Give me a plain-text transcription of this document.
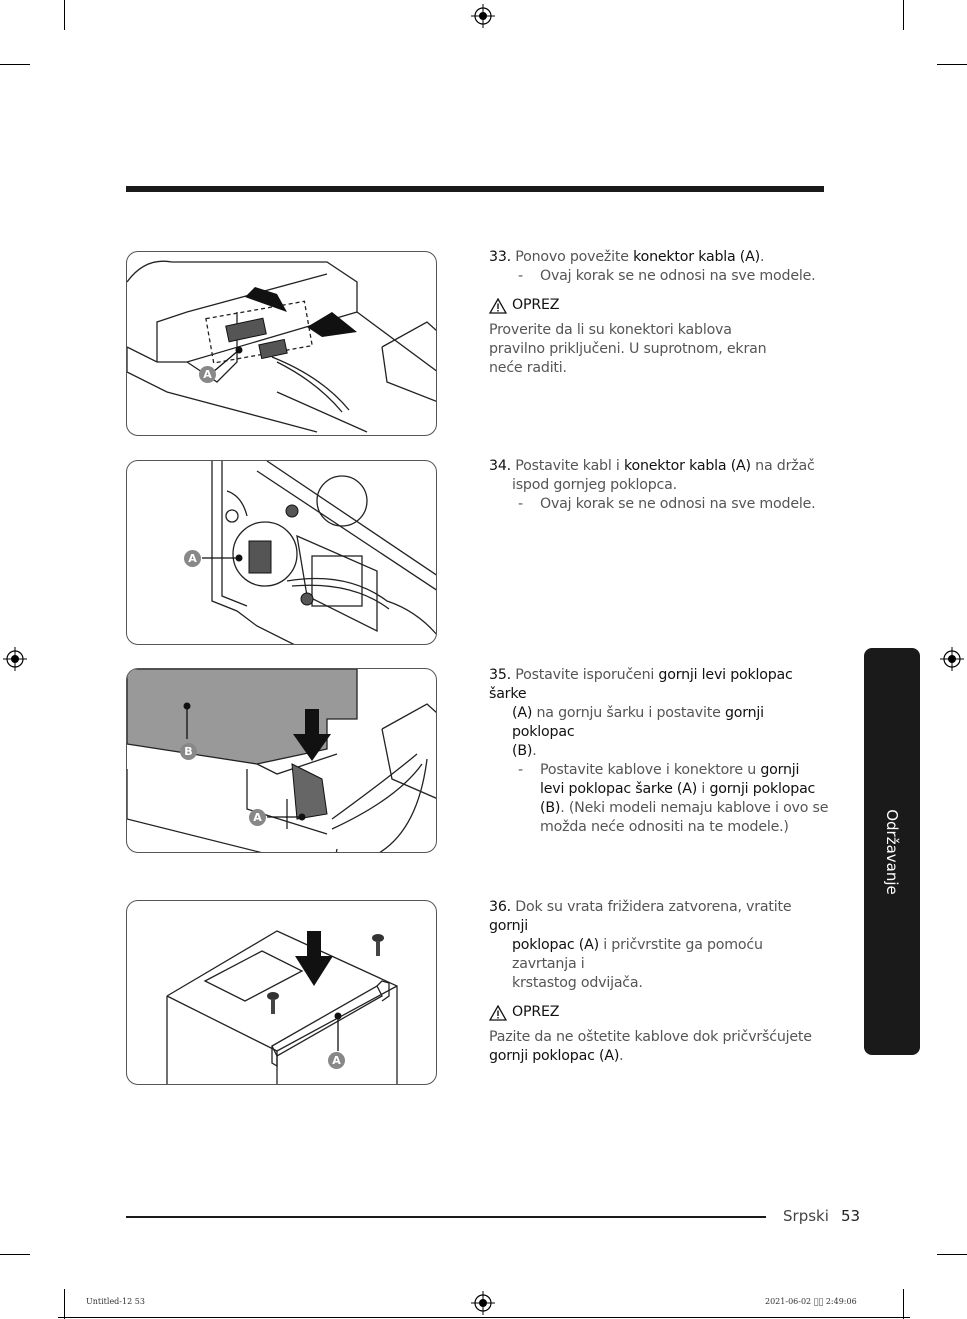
A
A
B
A
A
33. Ponovo povežite konektor kabla (A).
- Ovaj korak se ne odnosi na sve modele.
OPREZ
Proverite da li su konektori kablova pravilno priključeni. U suprotnom, ekran neće raditi.
34. Postavite kabl i konektor kabla (A) na držač
ispod gornjeg poklopca.
- Ovaj korak se ne odnosi na sve modele.
35. Postavite isporučeni gornji levi poklopac šarke
(A) na gornju šarku i postavite gornji poklopac
(B).
- Postavite kablove i konektore u gornji
levi poklopac šarke (A) i gornji poklopac
(B). (Neki modeli nemaju kablove i ovo se
možda neće odnositi na te modele.)
36. Dok su vrata frižidera zatvorena, vratite gornji
poklopac (A) i pričvrstite ga pomoću zavrtanja i
krstastog odvijača.
OPREZ
Pazite da ne oštetite kablove dok pričvršćujete
gornji poklopac (A).
Održavanje
Srpski 53
Untitled-12 53	2021-06-02 ￿￿ 2:49:06
